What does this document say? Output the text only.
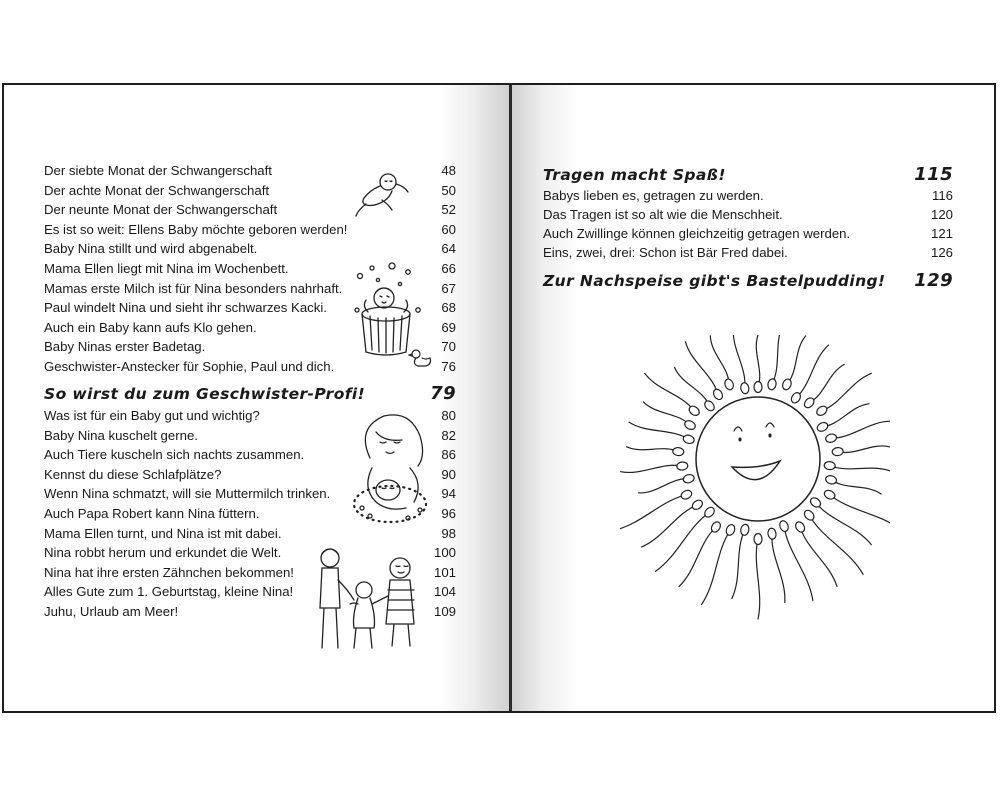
Der siebte Monat der Schwangerschaft	48
Der achte Monat der Schwangerschaft	50
Der neunte Monat der Schwangerschaft	52
Es ist so weit: Ellens Baby möchte geboren werden!	60
Baby Nina stillt und wird abgenabelt.	64
Mama Ellen liegt mit Nina im Wochenbett.	66
Mamas erste Milch ist für Nina besonders nahrhaft.	67
Paul windelt Nina und sieht ihr schwarzes Kacki.	68
Auch ein Baby kann aufs Klo gehen.	69
Baby Ninas erster Badetag.	70
Geschwister-Anstecker für Sophie, Paul und dich.	76
So wirst du zum Geschwister-Profi!	79
Was ist für ein Baby gut und wichtig?	80
Baby Nina kuschelt gerne.	82
Auch Tiere kuscheln sich nachts zusammen.	86
Kennst du diese Schlafplätze?	90
Wenn Nina schmatzt, will sie Muttermilch trinken.	94
Auch Papa Robert kann Nina füttern.	96
Mama Ellen turnt, und Nina ist mit dabei.	98
Nina robbt herum und erkundet die Welt.	100
Nina hat ihre ersten Zähnchen bekommen!	101
Alles Gute zum 1. Geburtstag, kleine Nina!	104
Juhu, Urlaub am Meer!	109
Tragen macht Spaß!	115
Babys lieben es, getragen zu werden.	116
Das Tragen ist so alt wie die Menschheit.	120
Auch Zwillinge können gleichzeitig getragen werden.	121
Eins, zwei, drei: Schon ist Bär Fred dabei.	126
Zur Nachspeise gibt's Bastelpudding! 129
